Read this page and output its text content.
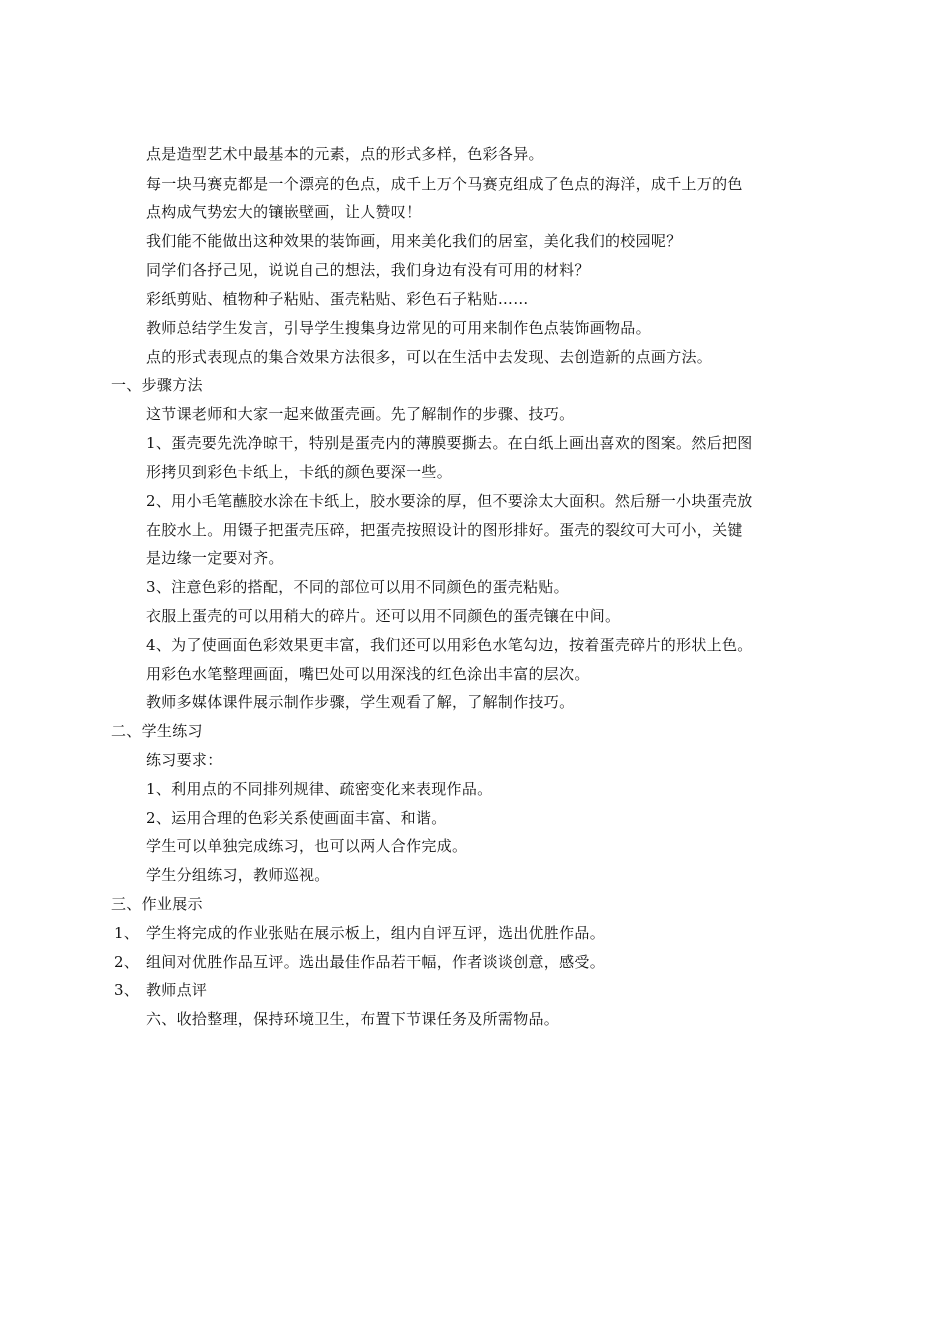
点是造型艺术中最基本的元素，点的形式多样，色彩各异。
每一块马赛克都是一个漂亮的色点，成千上万个马赛克组成了色点的海洋，成千上万的色
点构成气势宏大的镶嵌壁画，让人赞叹！
我们能不能做出这种效果的装饰画，用来美化我们的居室，美化我们的校园呢？
同学们各抒己见，说说自己的想法，我们身边有没有可用的材料？
彩纸剪贴、植物种子粘贴、蛋壳粘贴、彩色石子粘贴……
教师总结学生发言，引导学生搜集身边常见的可用来制作色点装饰画物品。
点的形式表现点的集合效果方法很多，可以在生活中去发现、去创造新的点画方法。
一、步骤方法
这节课老师和大家一起来做蛋壳画。先了解制作的步骤、技巧。
1、蛋壳要先洗净晾干，特别是蛋壳内的薄膜要撕去。在白纸上画出喜欢的图案。然后把图
形拷贝到彩色卡纸上，卡纸的颜色要深一些。
2、用小毛笔蘸胶水涂在卡纸上，胶水要涂的厚，但不要涂太大面积。然后掰一小块蛋壳放
在胶水上。用镊子把蛋壳压碎，把蛋壳按照设计的图形排好。蛋壳的裂纹可大可小，关键
是边缘一定要对齐。
3、注意色彩的搭配，不同的部位可以用不同颜色的蛋壳粘贴。
衣服上蛋壳的可以用稍大的碎片。还可以用不同颜色的蛋壳镶在中间。
4、为了使画面色彩效果更丰富，我们还可以用彩色水笔勾边，按着蛋壳碎片的形状上色。
用彩色水笔整理画面，嘴巴处可以用深浅的红色涂出丰富的层次。
教师多媒体课件展示制作步骤，学生观看了解，了解制作技巧。
二、学生练习
练习要求：
1、利用点的不同排列规律、疏密变化来表现作品。
2、运用合理的色彩关系使画面丰富、和谐。
学生可以单独完成练习，也可以两人合作完成。
学生分组练习，教师巡视。
三、作业展示
1、 学生将完成的作业张贴在展示板上，组内自评互评，选出优胜作品。
2、 组间对优胜作品互评。选出最佳作品若干幅，作者谈谈创意，感受。
3、 教师点评
六、收拾整理，保持环境卫生，布置下节课任务及所需物品。
